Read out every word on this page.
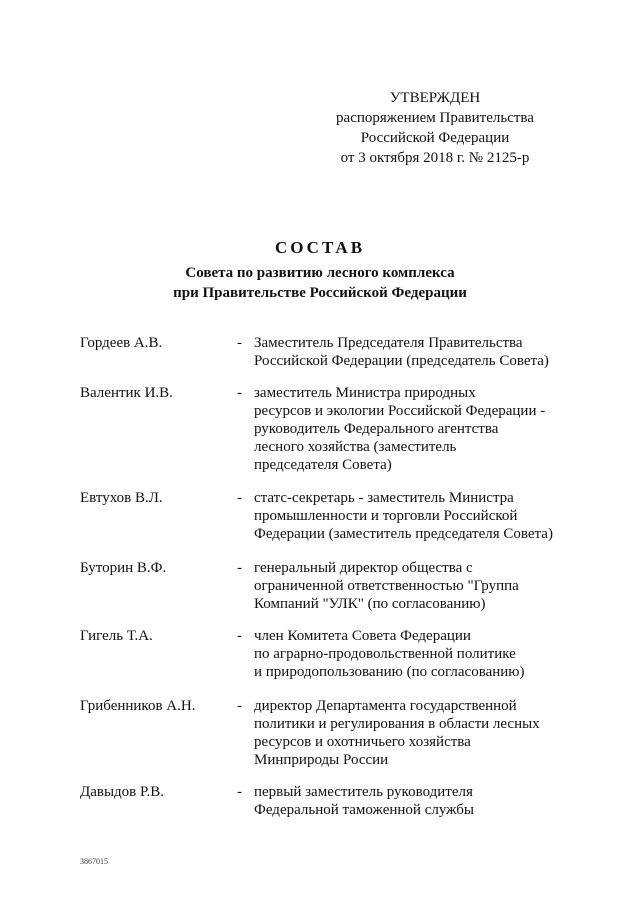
УТВЕРЖДЕН
распоряжением Правительства
Российской Федерации
от 3 октября 2018 г. № 2125-р
СОСТАВ
Совета по развитию лесного комплекса
при Правительстве Российской Федерации
Гордеев А.В.	- Заместитель Председателя Правительства
Российской Федерации (председатель Совета)
Валентик И.В.	- заместитель Министра природных
ресурсов и экологии Российской Федерации -
руководитель Федерального агентства
лесного хозяйства (заместитель
председателя Совета)
Евтухов В.Л.	- статс-секретарь - заместитель Министра
промышленности и торговли Российской
Федерации (заместитель председателя Совета)
Буторин В.Ф.	- генеральный директор общества с
ограниченной ответственностью "Группа
Компаний "УЛК" (по согласованию)
Гигель Т.А.	- член Комитета Совета Федерации
по аграрно-продовольственной политике
и природопользованию (по согласованию)
Грибенников А.Н.	- директор Департамента государственной
политики и регулирования в области лесных
ресурсов и охотничьего хозяйства
Минприроды России
Давыдов Р.В.	- первый заместитель руководителя
Федеральной таможенной службы
3867015
